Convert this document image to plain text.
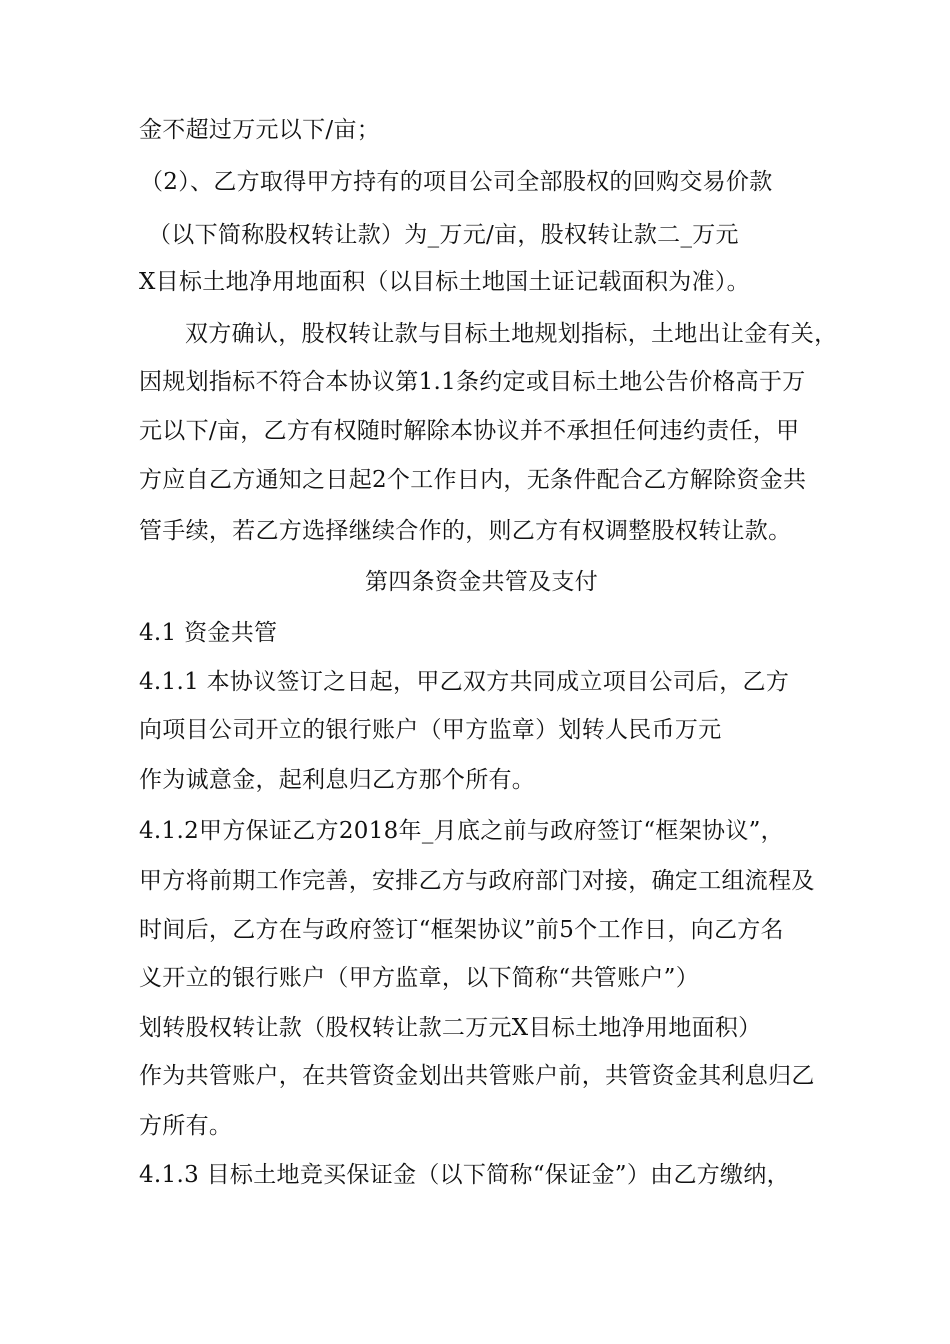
金不超过万元以下/亩；
（2）、乙方取得甲方持有的项目公司全部股权的回购交易价款
（以下简称股权转让款）为_万元/亩，股权转让款二_万元
X目标土地净用地面积（以目标土地国土证记载面积为准）。
双方确认，股权转让款与目标土地规划指标，土地出让金有关，
因规划指标不符合本协议第1.1条约定或目标土地公告价格高于万
元以下/亩，乙方有权随时解除本协议并不承担任何违约责任，甲
方应自乙方通知之日起2个工作日内，无条件配合乙方解除资金共
管手续，若乙方选择继续合作的，则乙方有权调整股权转让款。
第四条资金共管及支付
4.1 资金共管
4.1.1 本协议签订之日起，甲乙双方共同成立项目公司后，乙方
向项目公司开立的银行账户（甲方监章）划转人民币万元
作为诚意金，起利息归乙方那个所有。
4.1.2甲方保证乙方2018年_月底之前与政府签订“框架协议”，
甲方将前期工作完善，安排乙方与政府部门对接，确定工组流程及
时间后，乙方在与政府签订“框架协议”前5个工作日，向乙方名
义开立的银行账户（甲方监章，以下简称“共管账户”）
划转股权转让款（股权转让款二万元X目标土地净用地面积）
作为共管账户，在共管资金划出共管账户前，共管资金其利息归乙
方所有。
4.1.3 目标土地竞买保证金（以下简称“保证金”）由乙方缴纳，
